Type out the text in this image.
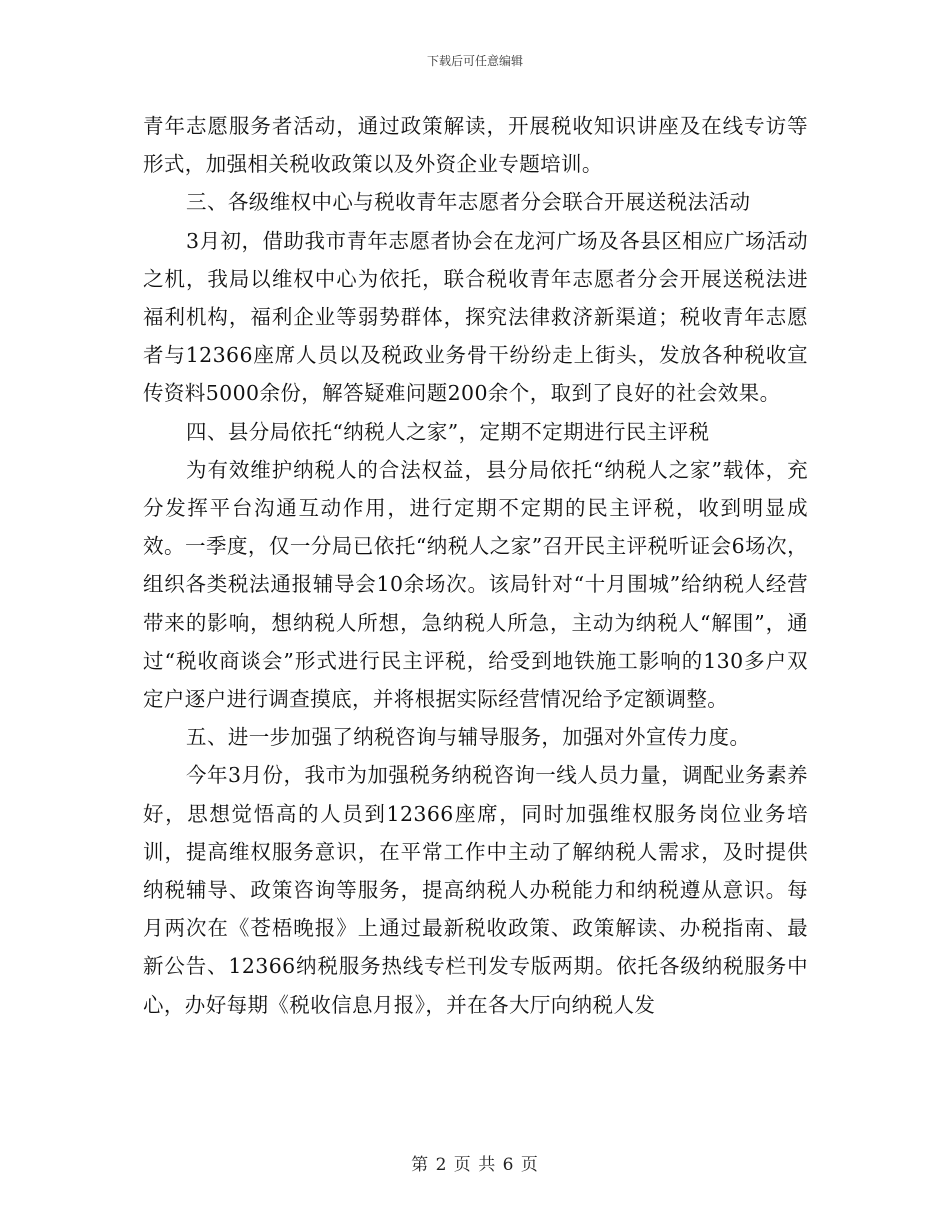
下载后可任意编辑

青年志愿服务者活动，通过政策解读，开展税收知识讲座及在线专访等形式，加强相关税收政策以及外资企业专题培训。

三、各级维权中心与税收青年志愿者分会联合开展送税法活动

3月初，借助我市青年志愿者协会在龙河广场及各县区相应广场活动之机，我局以维权中心为依托，联合税收青年志愿者分会开展送税法进福利机构，福利企业等弱势群体，探究法律救济新渠道；税收青年志愿者与12366座席人员以及税政业务骨干纷纷走上街头，发放各种税收宣传资料5000余份，解答疑难问题200余个，取到了良好的社会效果。

四、县分局依托“纳税人之家”，定期不定期进行民主评税

为有效维护纳税人的合法权益，县分局依托“纳税人之家”载体，充分发挥平台沟通互动作用，进行定期不定期的民主评税，收到明显成效。一季度，仅一分局已依托“纳税人之家”召开民主评税听证会6场次，组织各类税法通报辅导会10余场次。该局针对“十月围城”给纳税人经营带来的影响，想纳税人所想，急纳税人所急，主动为纳税人“解围”，通过“税收商谈会”形式进行民主评税，给受到地铁施工影响的130多户双定户逐户进行调查摸底，并将根据实际经营情况给予定额调整。

五、进一步加强了纳税咨询与辅导服务，加强对外宣传力度。

今年3月份，我市为加强税务纳税咨询一线人员力量，调配业务素养好，思想觉悟高的人员到12366座席，同时加强维权服务岗位业务培训，提高维权服务意识，在平常工作中主动了解纳税人需求，及时提供纳税辅导、政策咨询等服务，提高纳税人办税能力和纳税遵从意识。每月两次在《苍梧晚报》上通过最新税收政策、政策解读、办税指南、最新公告、12366纳税服务热线专栏刊发专版两期。依托各级纳税服务中心，办好每期《税收信息月报》，并在各大厅向纳税人发

第 2 页 共 6 页
